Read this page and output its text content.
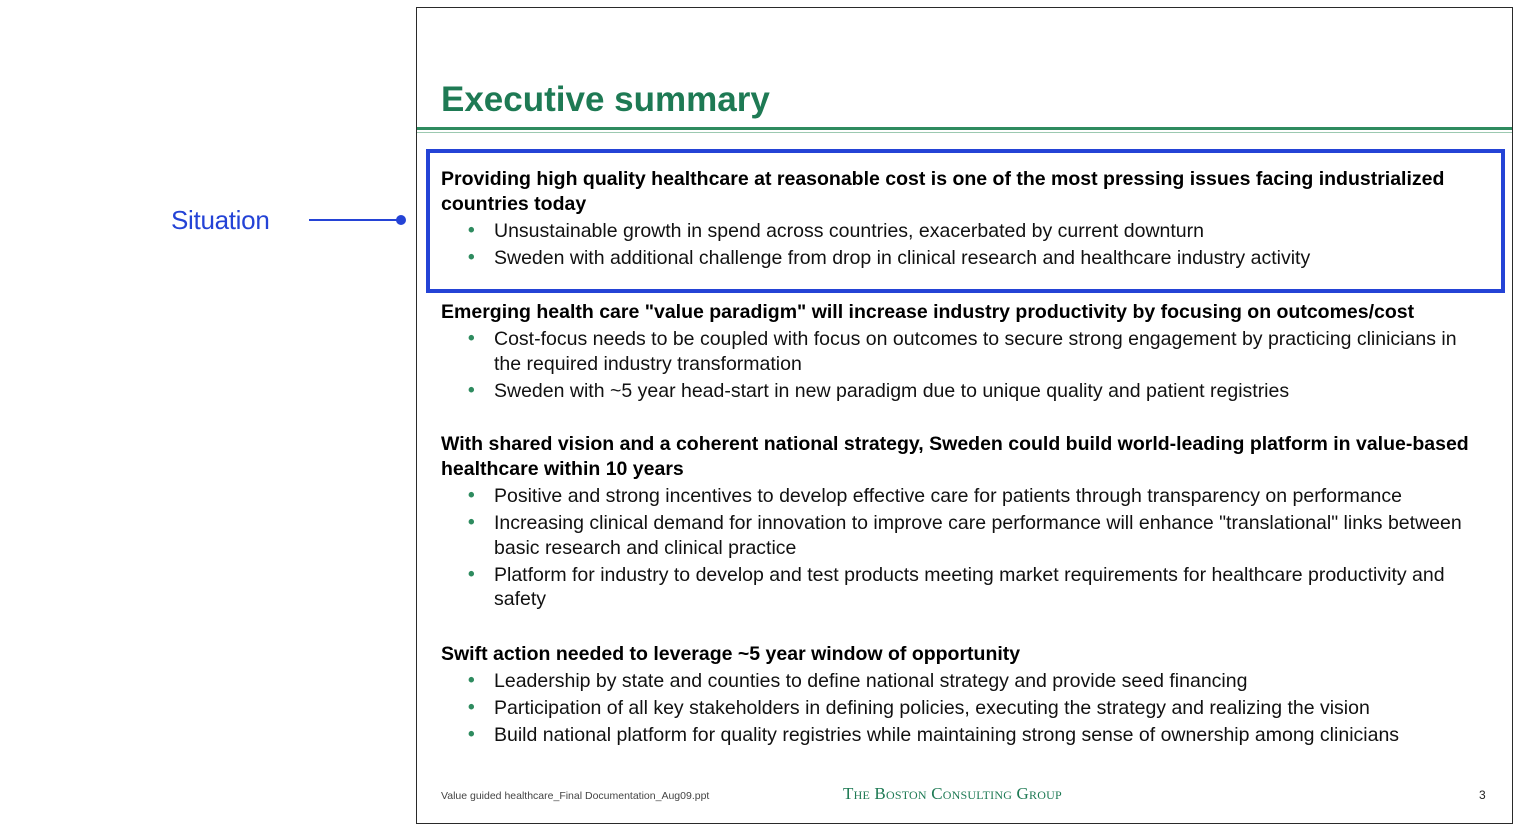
Situation
Executive summary
Providing high quality healthcare at reasonable cost is one of the most pressing issues facing industrialized countries today
• Unsustainable growth in spend across countries, exacerbated by current downturn
• Sweden with additional challenge from drop in clinical research and healthcare industry activity
Emerging health care "value paradigm" will increase industry productivity by focusing on outcomes/cost
• Cost-focus needs to be coupled with focus on outcomes to secure strong engagement by practicing clinicians in the required industry transformation
• Sweden with ~5 year head-start in new paradigm due to unique quality and patient registries
With shared vision and a coherent national strategy, Sweden could build world-leading platform in value-based healthcare within 10 years
• Positive and strong incentives to develop effective care for patients through transparency on performance
• Increasing clinical demand for innovation to improve care performance will enhance "translational" links between basic research and clinical practice
• Platform for industry to develop and test products meeting market requirements for healthcare productivity and safety
Swift action needed to leverage ~5 year window of opportunity
• Leadership by state and counties to define national strategy and provide seed financing
• Participation of all key stakeholders in defining policies, executing the strategy and realizing the vision
• Build national platform for quality registries while maintaining strong sense of ownership among clinicians
Value guided healthcare_Final Documentation_Aug09.ppt	The Boston Consulting Group	3
